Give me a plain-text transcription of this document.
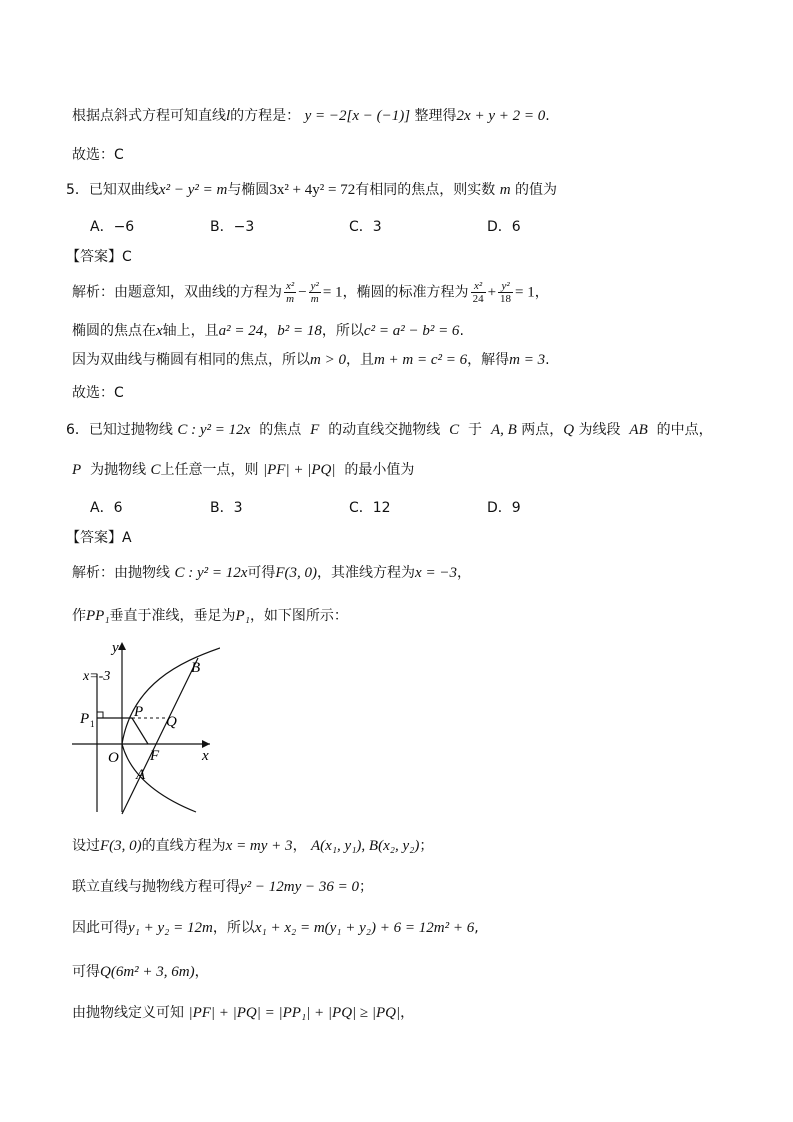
根据点斜式方程可知直线l的方程是： y = −2[x − (−1)] 整理得2x + y + 2 = 0.
故选：C
5．已知双曲线x² − y² = m与椭圆3x² + 4y² = 72有相同的焦点，则实数 m 的值为
A．−6	B．−3	C．3	D．6
【答案】C
解析：由题意知，双曲线的方程为 $\frac{\text{x²}}{m} - \frac{\text{y²}}{m} = 1$，椭圆的标准方程为 $\frac{\text{x²}}{24} + \frac{\text{y²}}{18} = 1$，
椭圆的焦点在x轴上，且a² = 24，b² = 18，所以c² = a² − b² = 6.
因为双曲线与椭圆有相同的焦点，所以m > 0，且m + m = c² = 6，解得m = 3.
故选：C
6．已知过抛物线 C : y² = 12x 的焦点 F 的动直线交抛物线 C 于 A, B 两点，Q 为线段 AB 的中点，
P 为抛物线 C上任意一点，则 |PF| + |PQ| 的最小值为
A．6	B．3	C．12	D．9
【答案】A
解析：由抛物线 C : y² = 12x可得F(3, 0)，其准线方程为x = −3，
作PP₁垂直于准线，垂足为P₁，如下图所示：
x=-3
y
x
O
P 1
P
Q
F
A
B
设过F(3, 0)的直线方程为x = my + 3， A(x₁, y₁), B(x₂, y₂)；
联立直线与抛物线方程可得y² − 12my − 36 = 0；
因此可得y₁ + y₂ = 12m，所以x₁ + x₂ = m(y₁ + y₂) + 6 = 12m² + 6,
可得Q(6m² + 3, 6m)，
由抛物线定义可知 |PF| + |PQ| = |PP₁| + |PQ| ≥ |PQ|，
